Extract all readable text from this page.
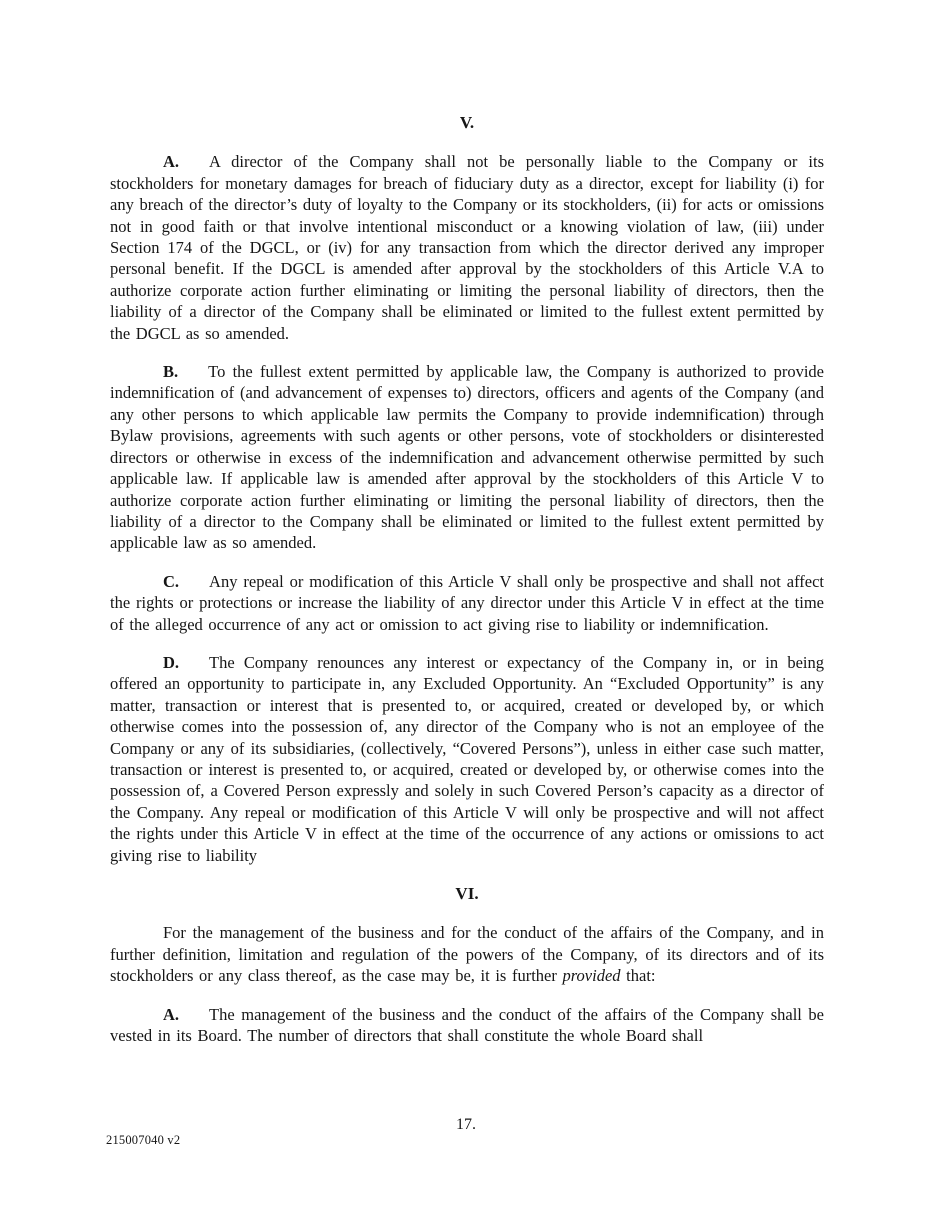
V.

A. A director of the Company shall not be personally liable to the Company or its stockholders for monetary damages for breach of fiduciary duty as a director, except for liability (i) for any breach of the director’s duty of loyalty to the Company or its stockholders, (ii) for acts or omissions not in good faith or that involve intentional misconduct or a knowing violation of law, (iii) under Section 174 of the DGCL, or (iv) for any transaction from which the director derived any improper personal benefit. If the DGCL is amended after approval by the stockholders of this Article V.A to authorize corporate action further eliminating or limiting the personal liability of directors, then the liability of a director of the Company shall be eliminated or limited to the fullest extent permitted by the DGCL as so amended.

B. To the fullest extent permitted by applicable law, the Company is authorized to provide indemnification of (and advancement of expenses to) directors, officers and agents of the Company (and any other persons to which applicable law permits the Company to provide indemnification) through Bylaw provisions, agreements with such agents or other persons, vote of stockholders or disinterested directors or otherwise in excess of the indemnification and advancement otherwise permitted by such applicable law. If applicable law is amended after approval by the stockholders of this Article V to authorize corporate action further eliminating or limiting the personal liability of directors, then the liability of a director to the Company shall be eliminated or limited to the fullest extent permitted by applicable law as so amended.

C. Any repeal or modification of this Article V shall only be prospective and shall not affect the rights or protections or increase the liability of any director under this Article V in effect at the time of the alleged occurrence of any act or omission to act giving rise to liability or indemnification.

D. The Company renounces any interest or expectancy of the Company in, or in being offered an opportunity to participate in, any Excluded Opportunity. An “Excluded Opportunity” is any matter, transaction or interest that is presented to, or acquired, created or developed by, or which otherwise comes into the possession of, any director of the Company who is not an employee of the Company or any of its subsidiaries, (collectively, “Covered Persons”), unless in either case such matter, transaction or interest is presented to, or acquired, created or developed by, or otherwise comes into the possession of, a Covered Person expressly and solely in such Covered Person’s capacity as a director of the Company. Any repeal or modification of this Article V will only be prospective and will not affect the rights under this Article V in effect at the time of the occurrence of any actions or omissions to act giving rise to liability

VI.

For the management of the business and for the conduct of the affairs of the Company, and in further definition, limitation and regulation of the powers of the Company, of its directors and of its stockholders or any class thereof, as the case may be, it is further provided that:

A. The management of the business and the conduct of the affairs of the Company shall be vested in its Board. The number of directors that shall constitute the whole Board shall

17.
215007040 v2
